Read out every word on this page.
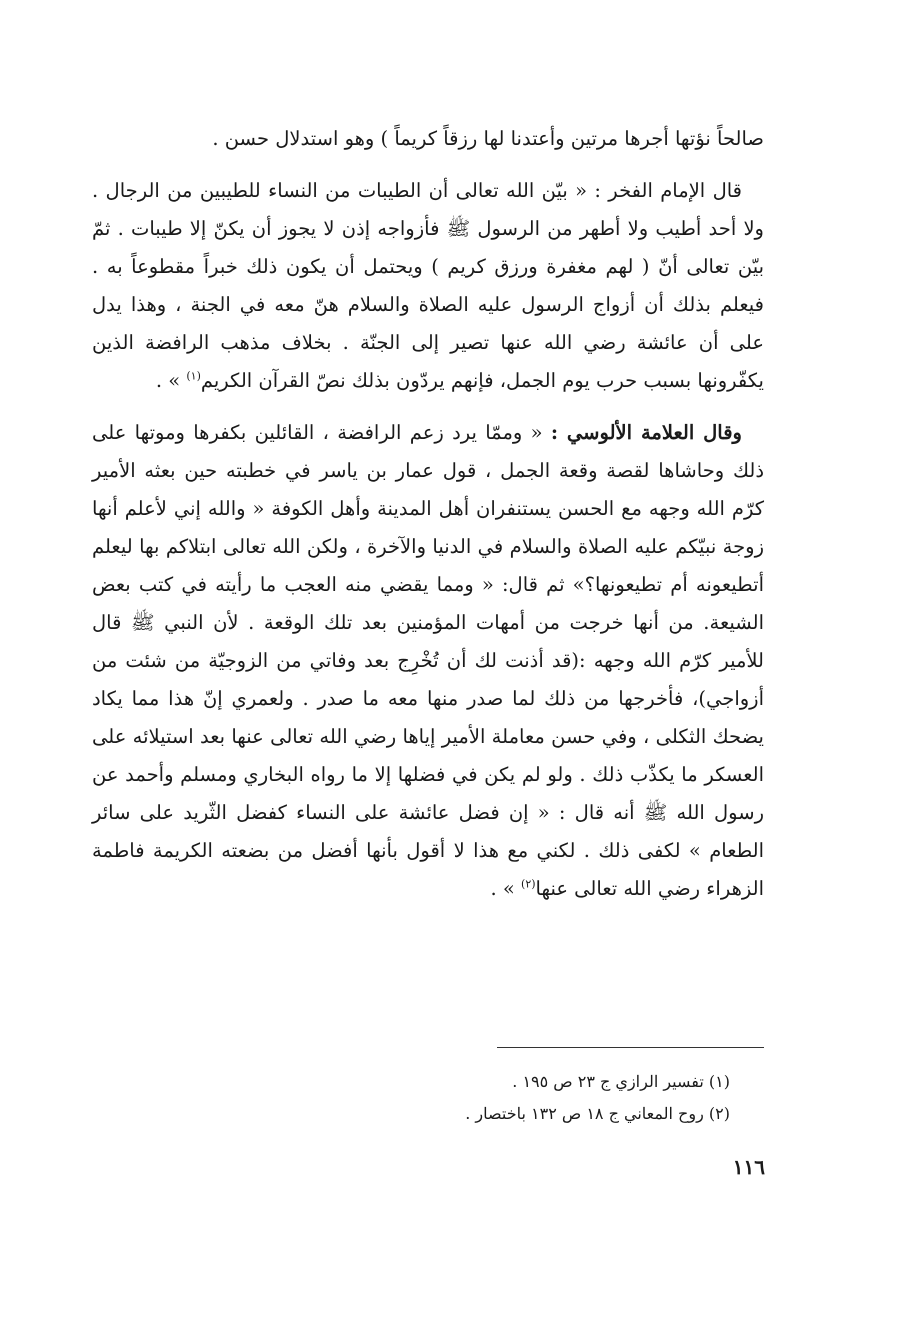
صالحاً نؤتها أجرها مرتين وأعتدنا لها رزقاً كريماً ) وهو استدلال حسن .

قال الإمام الفخر : « بيّن الله تعالى أن الطيبات من النساء للطيبين من الرجال . ولا أحد أطيب ولا أطهر من الرسول ﷺ فأزواجه إذن لا يجوز أن يكنّ إلا طيبات . ثمّ بيّن تعالى أنّ ( لهم مغفرة ورزق كريم ) ويحتمل أن يكون ذلك خبراً مقطوعاً به . فيعلم بذلك أن أزواج الرسول عليه الصلاة والسلام هنّ معه في الجنة ، وهذا يدل على أن عائشة رضي الله عنها تصير إلى الجنّة . بخلاف مذهب الرافضة الذين يكفّرونها بسبب حرب يوم الجمل، فإنهم يردّون بذلك نصّ القرآن الكريم$^{(١)}$ » .

وقال العلامة الألوسي : « وممّا يرد زعم الرافضة ، القائلين بكفرها وموتها على ذلك وحاشاها لقصة وقعة الجمل ، قول عمار بن ياسر في خطبته حين بعثه الأمير كرّم الله وجهه مع الحسن يستنفران أهل المدينة وأهل الكوفة « والله إني لأعلم أنها زوجة نبيّكم عليه الصلاة والسلام في الدنيا والآخرة ، ولكن الله تعالى ابتلاكم بها ليعلم أتطيعونه أم تطيعونها؟» ثم قال: « ومما يقضي منه العجب ما رأيته في كتب بعض الشيعة. من أنها خرجت من أمهات المؤمنين بعد تلك الوقعة . لأن النبي ﷺ قال للأمير كرّم الله وجهه :(قد أذنت لك أن تُخْرِج بعد وفاتي من الزوجيّة من شئت من أزواجي)، فأخرجها من ذلك لما صدر منها معه ما صدر . ولعمري إنّ هذا مما يكاد يضحك الثكلى ، وفي حسن معاملة الأمير إياها رضي الله تعالى عنها بعد استيلائه على العسكر ما يكذّب ذلك . ولو لم يكن في فضلها إلا ما رواه البخاري ومسلم وأحمد عن رسول الله ﷺ أنه قال : « إن فضل عائشة على النساء كفضل الثّريد على سائر الطعام » لكفى ذلك . لكني مع هذا لا أقول بأنها أفضل من بضعته الكريمة فاطمة الزهراء رضي الله تعالى عنها$^{(٢)}$ » .

(١) تفسير الرازي ج ٢٣ ص ١٩٥ .

(٢) روح المعاني ج ١٨ ص ١٣٢ باختصار .

١١٦
